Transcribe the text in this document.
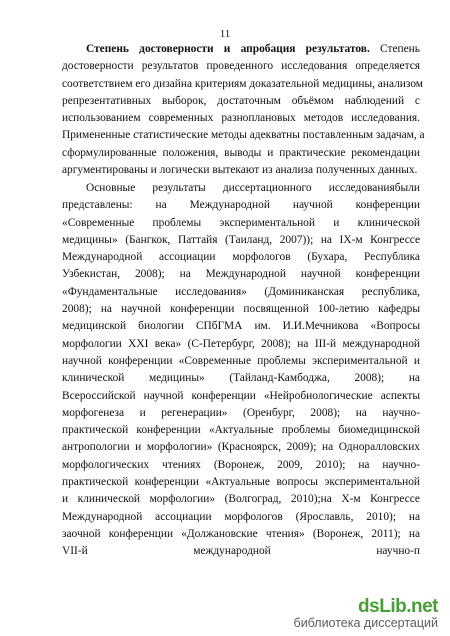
11
Степень достоверности и апробация результатов. Степень
достоверности результатов проведенного исследования определяется
соответствием его дизайна критериям доказательной медицины, анализом
репрезентативных выборок, достаточным объёмом наблюдений с
использованием современных разноплановых методов исследования.
Примененные статистические методы адекватны поставленным задачам, а
сформулированные положения, выводы и практические рекомендации
аргументированы и логически вытекают из анализа полученных данных.
Основные результаты диссертационного исследованиябыли
представлены: на Международной научной конференции
«Современные проблемы экспериментальной и клинической
медицины» (Бангкок, Паттайя (Таиланд, 2007)); на IX-м Конгрессе
Международной ассоциации морфологов (Бухара, Республика
Узбекистан, 2008); на Международной научной конференции
«Фундаментальные исследования» (Доминиканская республика,
2008); на научной конференции посвященной 100-летию кафедры
медицинской биологии СПбГМА им. И.И.Мечникова «Вопросы
морфологии XXI века» (С-Петербург, 2008); на III-й международной
научной конференции «Современные проблемы экспериментальной и
клинической медицины» (Тайланд-Камбоджа, 2008); на
Всероссийской научной конференции «Нейробиологические аспекты
морфогенеза и регенерации» (Оренбург, 2008); на научно-
практической конференции «Актуальные проблемы биомедицинской
антропологии и морфологии» (Красноярск, 2009); на Одноралловских
морфологических чтениях (Воронеж, 2009, 2010); на научно-
практической конференции «Актуальные вопросы экспериментальной
и клинической морфологии» (Волгоград, 2010);на X-м Конгрессе
Международной ассоциации морфологов (Ярославль, 2010); на
заочной конференции «Должановские чтения» (Воронеж, 2011); на
VII-й международной научно-п
dsLib.net
библиотека диссертаций
